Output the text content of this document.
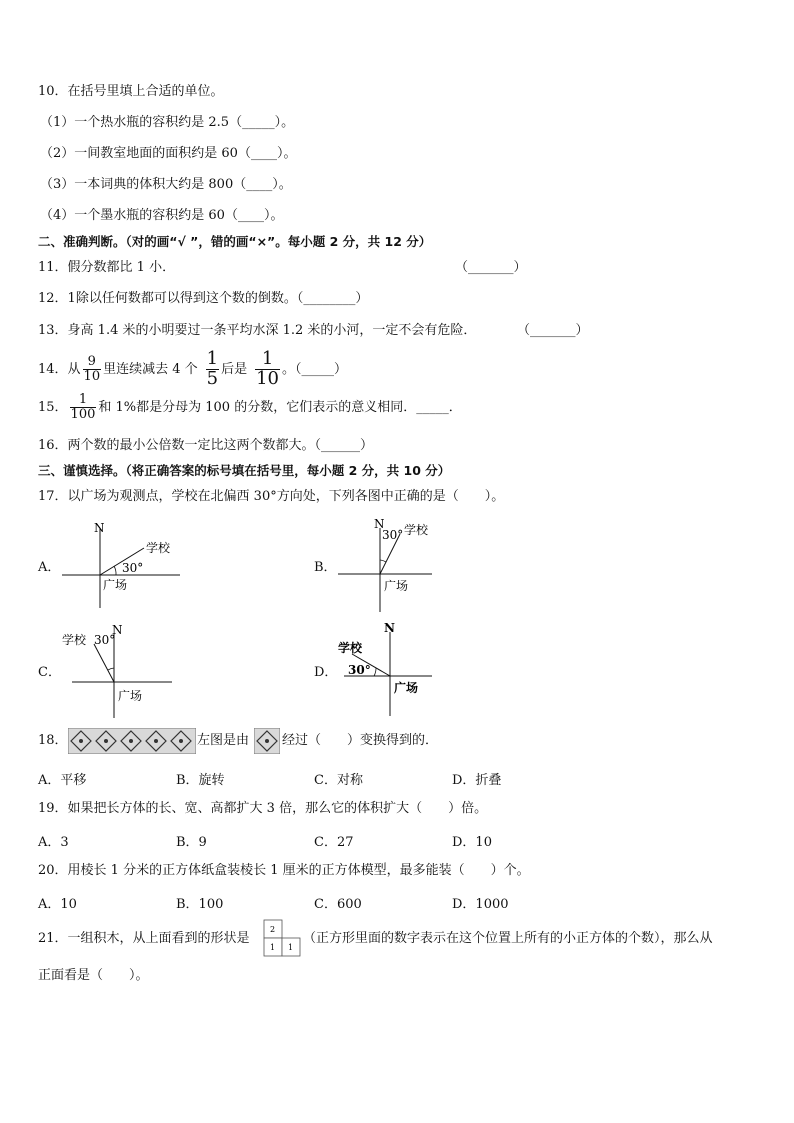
10．在括号里填上合适的单位。
（1）一个热水瓶的容积约是 2.5（_____）。
（2）一间教室地面的面积约是 60（____）。
（3）一本词典的体积大约是 800（____）。
（4）一个墨水瓶的容积约是 60（____）。
二、准确判断。（对的画“√ ”，错的画“×”。每小题 2 分，共 12 分）
11．假分数都比 1 小．	（_______）
12．1除以任何数都可以得到这个数的倒数。（________）
13．身高 1.4 米的小明要过一条平均水深 1.2 米的小河，一定不会有危险．	（_______）
14．从 $\frac{9}{10}$ 里连续减去 4 个 $\frac{1}{5}$ 后是 $\frac{1}{10}$ 。（_____）
15． $\frac{1}{100}$ 和 1%都是分母为 100 的分数，它们表示的意义相同．_____．
16．两个数的最小公倍数一定比这两个数都大。（______）
三、谨慎选择。（将正确答案的标号填在括号里，每小题 2 分，共 10 分）
17．以广场为观测点，学校在北偏西 30°方向处，下列各图中正确的是（　　）。
A．
N
学校
30°
广场
B．
N
30° 学校
广场
C．
N
30°
学校
广场
D．
N
学校
30°
广场
18．	左图是由	经过（　　）变换得到的．
A．平移	B．旋转	C．对称	D．折叠
19．如果把长方体的长、宽、高都扩大 3 倍，那么它的体积扩大（　　）倍。
A．3	B．9	C．27	D．10
20．用棱长 1 分米的正方体纸盒装棱长 1 厘米的正方体模型，最多能装（　　）个。
A．10	B．100	C．600	D．1000
21．一组积木，从上面看到的形状是
2
1 1
（正方形里面的数字表示在这个位置上所有的小正方体的个数），那么从
正面看是（　　）。
